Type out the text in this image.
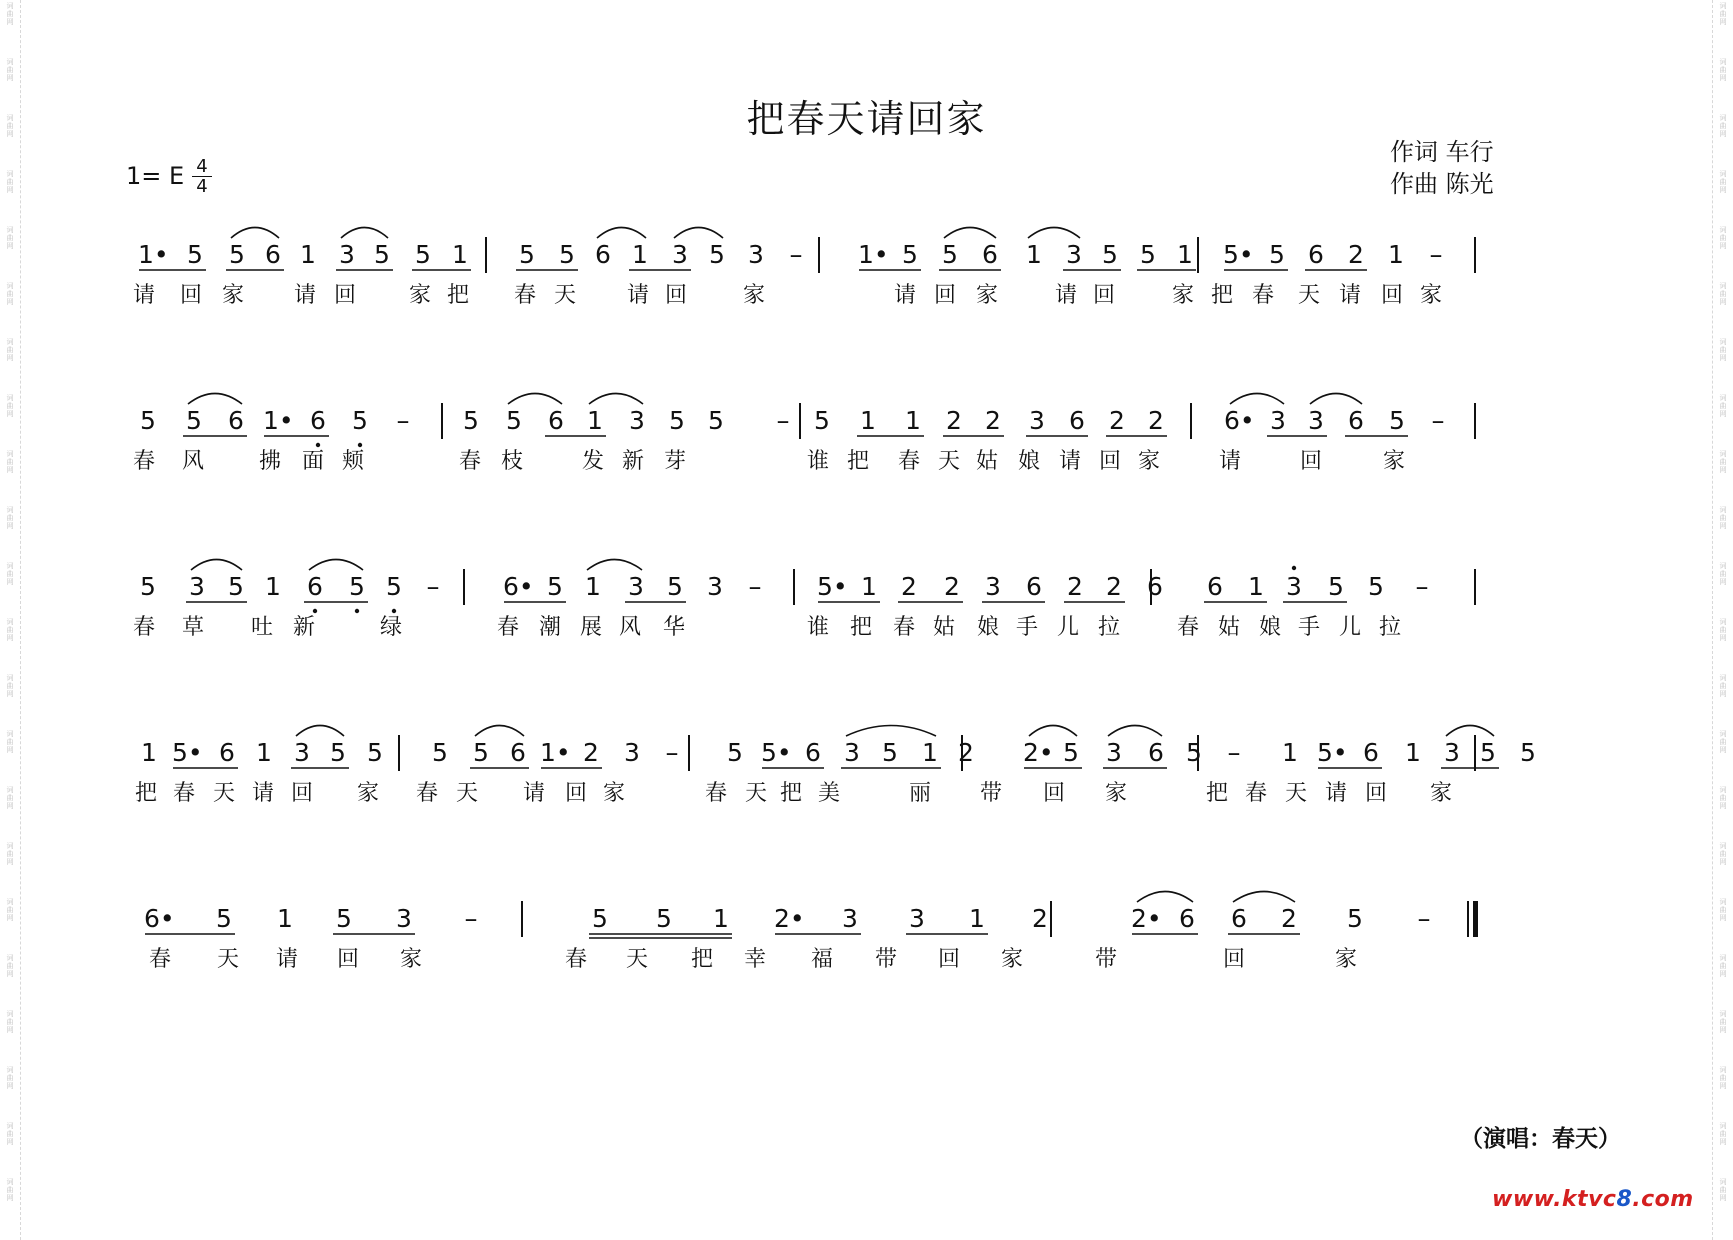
词
曲
网
词
曲
网
词
曲
网
词
曲
网
词
曲
网
词
曲
网
词
曲
网
词
曲
网
词
曲
网
词
曲
网
词
曲
网
词
曲
网
词
曲
网
词
曲
网
词
曲
网
词
曲
网
词
曲
网
词
曲
网
词
曲
网
词
曲
网
词
曲
网
词
曲
网
词
曲
网
词
曲
网
词
曲
网
词
曲
网
词
曲
网
词
曲
网
词
曲
网
词
曲
网
词
曲
网
词
曲
网
词
曲
网
词
曲
网
词
曲
网
词
曲
网
词
曲
网
词
曲
网
词
曲
网
词
曲
网
词
曲
网
词
曲
网
词
曲
网
词
曲
网
把春天请回家
1= E 4
4
作词 车行
作曲 陈光
1• 5 5 6 1 3 5 5 1 5 5 6 1 3 5 3 – 1• 5 5 6 1 3 5 5 1 5• 5 6 2 1 –
请 回 家 请 回 家 把 春 天 请 回	家	请 回 家	请 回	家 把 春 天 请 回 家
5 5 6 1• 6 5 – 5 5 6 1 3 5 5 – 5 1 1 2 2 3 6 2 2 6• 3 3 6 5 –
春 风 拂 面 颊	春 枝	发 新 芽	谁 把 春 天 姑 娘 请 回 家	请	回	家
5 3 5 1 6 5 5 –	6• 5 1 3 5 3 – 5• 1 2 2 3 6 2 2 6 6 1 3 5 5 –
春 草 吐 新	绿	春 潮 展 风 华	谁 把 春 姑 娘 手 儿 拉	春 姑 娘 手 儿 拉
1 5• 6 1 3 5 5 5 5 6 1• 2 3 – 5 5• 6 3 5 1 2 2• 5 3 6 5 – 1 5• 6 1 3 5 5
把 春 天 请 回 家 春 天 请 回 家	春 天 把 美	丽 带 回 家	把 春 天 请 回 家
6• 5 1 5 3 –	5 5 1 2• 3 3 1 2	2• 6 6 2 5 –
春 天 请 回 家	春 天 把 幸 福 带 回 家	带	回	家
（演唱：春天）
www.ktvc8.com
